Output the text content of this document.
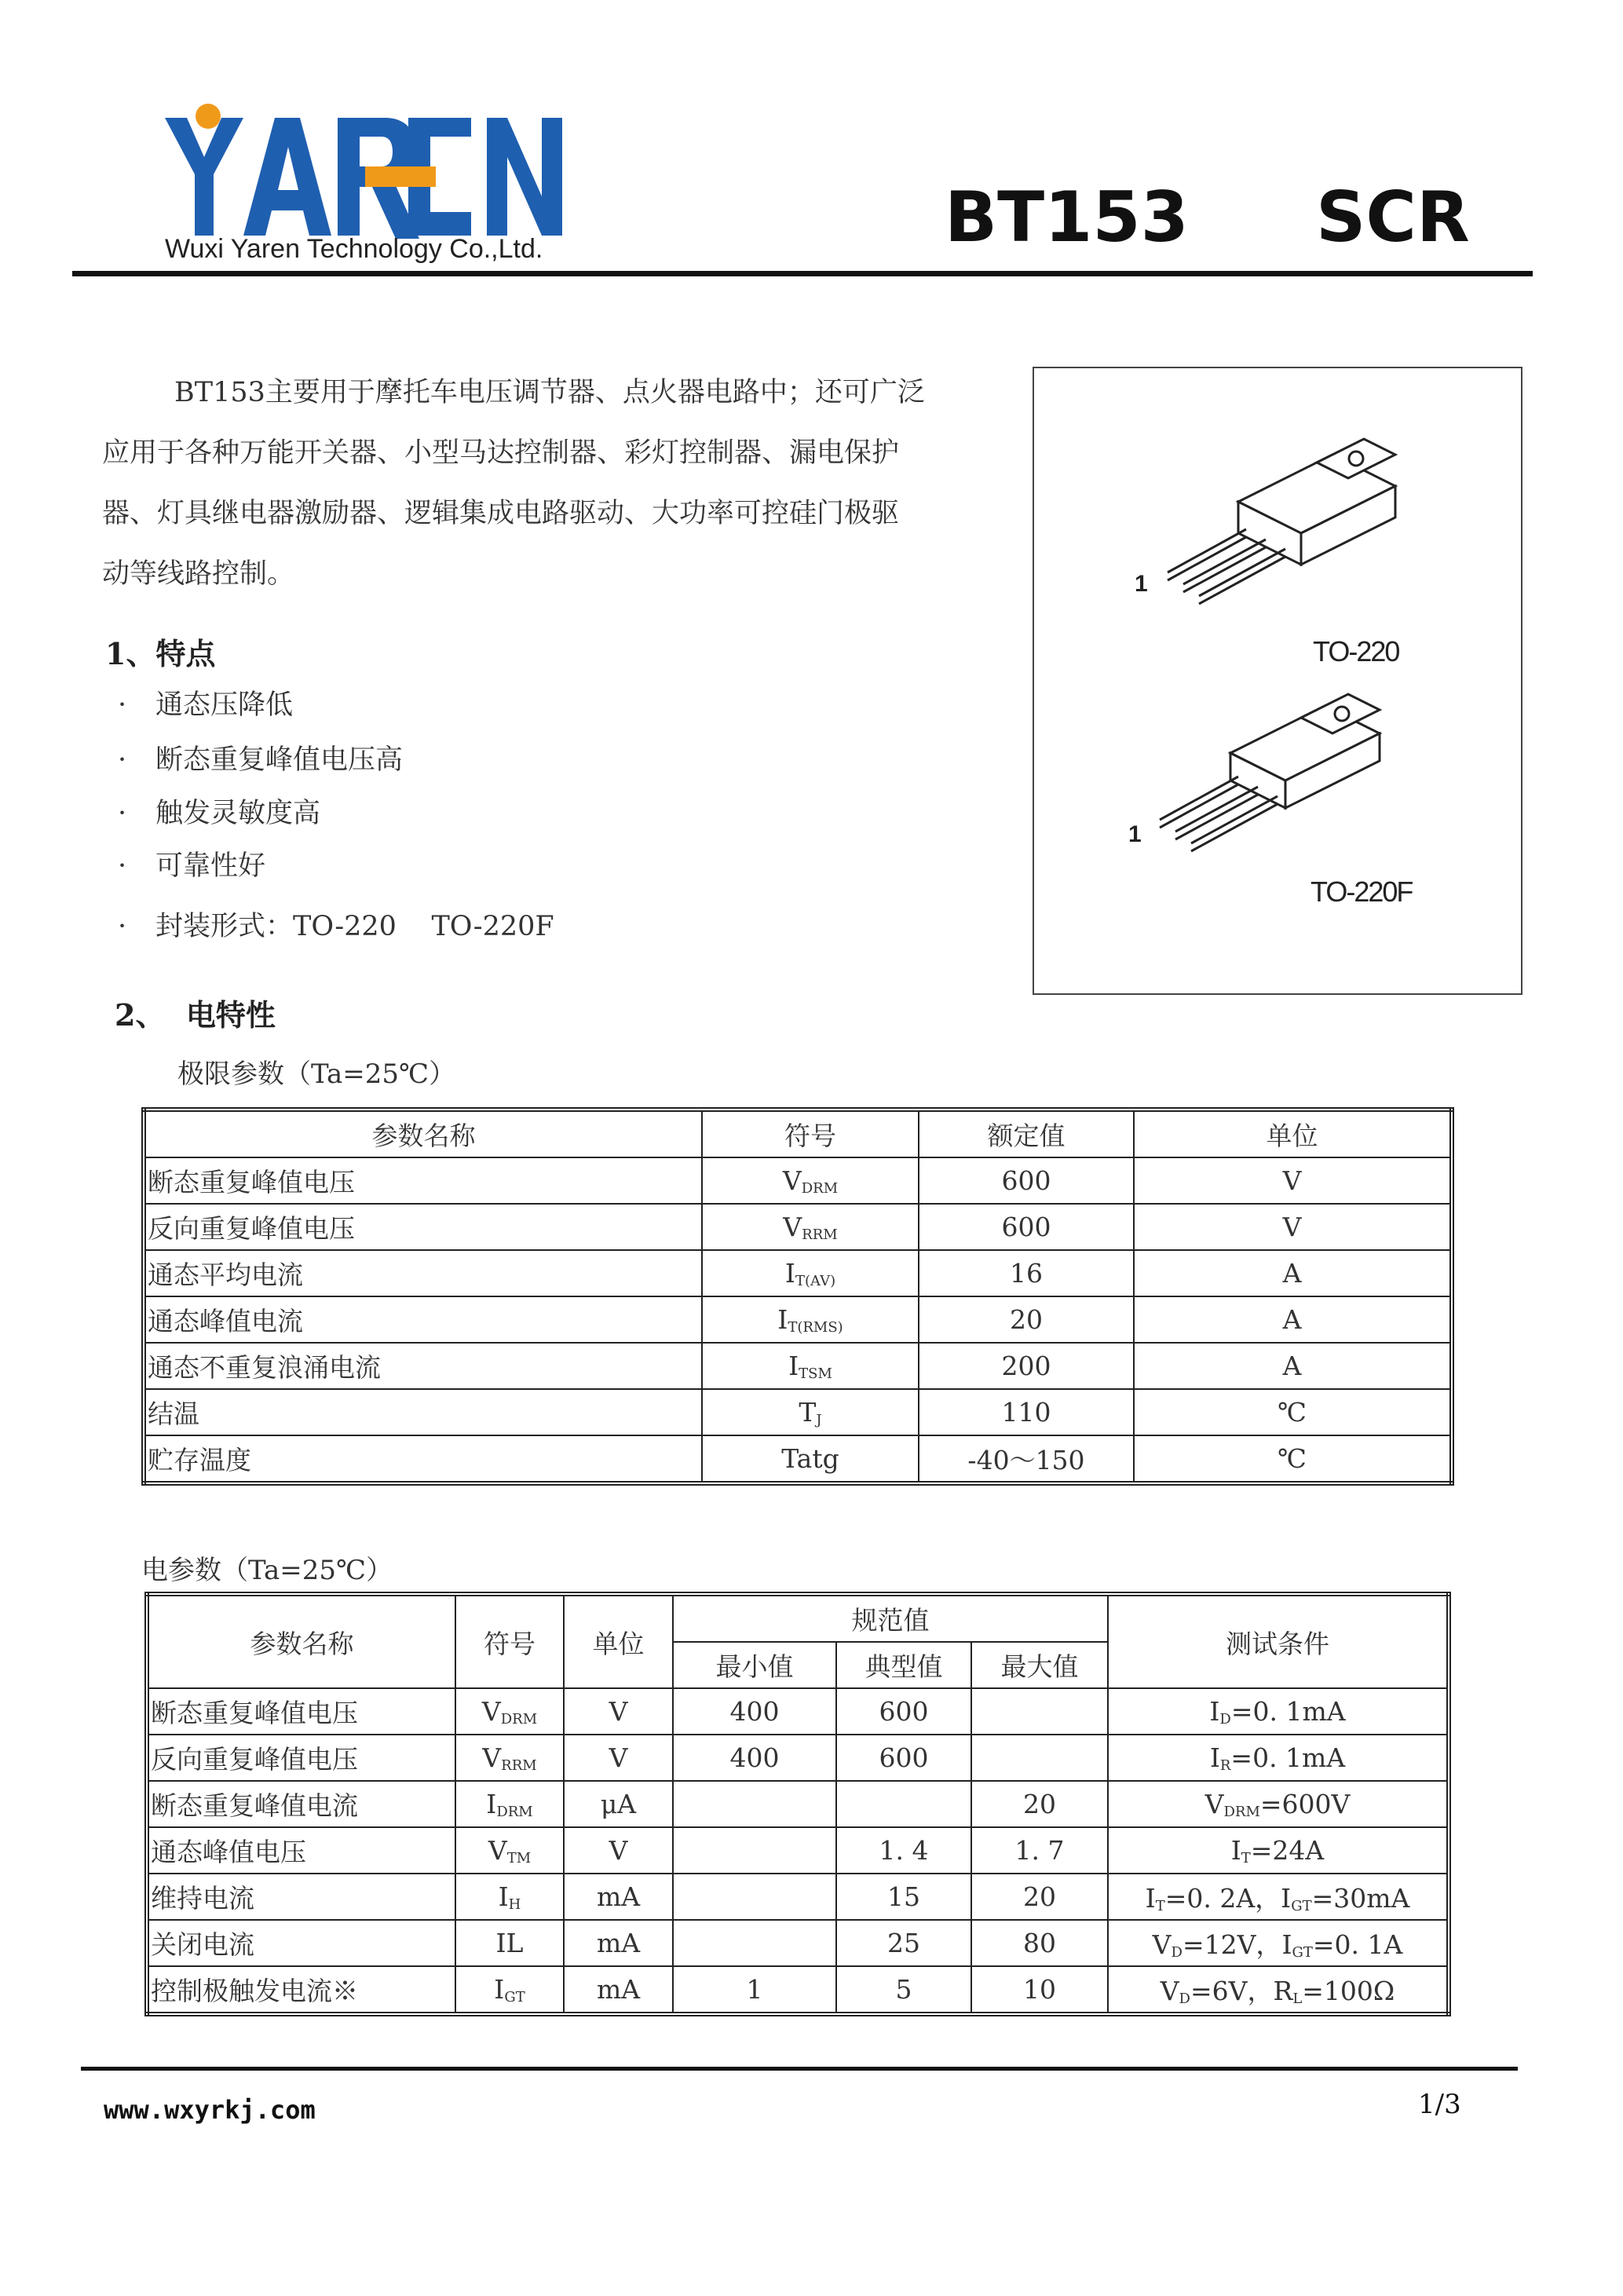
Wuxi Yaren Technology Co.,Ltd.	BT153 SCR
BT153主要用于摩托车电压调节器、点火器电路中；还可广泛
应用于各种万能开关器、小型马达控制器、彩灯控制器、漏电保护
器、灯具继电器激励器、逻辑集成电路驱动、大功率可控硅门极驱
动等线路控制。
1、特点
· 通态压降低
· 断态重复峰值电压高
· 触发灵敏度高
· 可靠性好
· 封装形式：TO-220    TO-220F
1
TO-220
1
TO-220F
2、  电特性
极限参数（Ta=25℃）
参数名称	符号	额定值	单位
断态重复峰值电压	$V_{DRM}$	600	V
反向重复峰值电压	$V_{RRM}$	600	V
通态平均电流	$I_{T(AV)}$	16	A
通态峰值电流	$I_{T(RMS)}$	20	A
通态不重复浪涌电流	$I_{TSM}$	200	A
结温	$T_J$	110	℃
贮存温度	Tatg	-40～150	℃
电参数（Ta=25℃）
参数名称	符号	单位	规范值			测试条件
			最小值	典型值	最大值	
断态重复峰值电压	$V_{DRM}$	V	400	600		$I_D=0$. 1mA
反向重复峰值电压	$V_{RRM}$	V	400	600		$I_R=0$. 1mA
断态重复峰值电流	$I_{DRM}$	μA			20	$V_{DRM}=600V$
通态峰值电压	$V_{TM}$	V		1. 4	1. 7	$I_T=24A$
维持电流	$I_H$	mA		15	20	$I_T=0$. 2A，$I_{GT}=30mA$
关闭电流	IL	mA		25	80	$V_D=12V$，$I_{GT}=0$. 1A
控制极触发电流※	$I_{GT}$	mA	1	5	10	$V_D=6V$，$R_L=100\Omega$
www.wxyrkj.com	1/3
